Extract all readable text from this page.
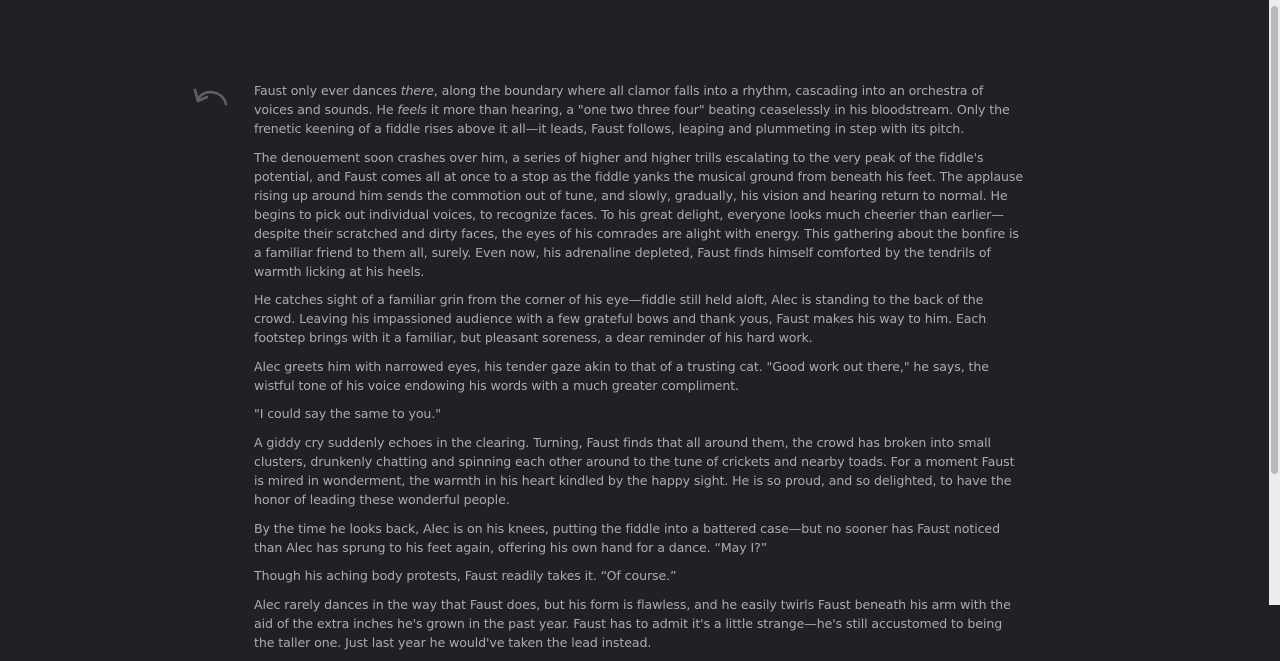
Faust only ever dances there, along the boundary where all clamor falls into a rhythm, cascading into an orchestra of voices and sounds. He feels it more than hearing, a "one two three four" beating ceaselessly in his bloodstream. Only the frenetic keening of a fiddle rises above it all—it leads, Faust follows, leaping and plummeting in step with its pitch.

The denouement soon crashes over him, a series of higher and higher trills escalating to the very peak of the fiddle's potential, and Faust comes all at once to a stop as the fiddle yanks the musical ground from beneath his feet. The applause rising up around him sends the commotion out of tune, and slowly, gradually, his vision and hearing return to normal. He begins to pick out individual voices, to recognize faces. To his great delight, everyone looks much cheerier than earlier—despite their scratched and dirty faces, the eyes of his comrades are alight with energy. This gathering about the bonfire is a familiar friend to them all, surely. Even now, his adrenaline depleted, Faust finds himself comforted by the tendrils of warmth licking at his heels.

He catches sight of a familiar grin from the corner of his eye—fiddle still held aloft, Alec is standing to the back of the crowd. Leaving his impassioned audience with a few grateful bows and thank yous, Faust makes his way to him. Each footstep brings with it a familiar, but pleasant soreness, a dear reminder of his hard work.

Alec greets him with narrowed eyes, his tender gaze akin to that of a trusting cat. "Good work out there," he says, the wistful tone of his voice endowing his words with a much greater compliment.

"I could say the same to you."

A giddy cry suddenly echoes in the clearing. Turning, Faust finds that all around them, the crowd has broken into small clusters, drunkenly chatting and spinning each other around to the tune of crickets and nearby toads. For a moment Faust is mired in wonderment, the warmth in his heart kindled by the happy sight. He is so proud, and so delighted, to have the honor of leading these wonderful people.

By the time he looks back, Alec is on his knees, putting the fiddle into a battered case—but no sooner has Faust noticed than Alec has sprung to his feet again, offering his own hand for a dance. “May I?”

Though his aching body protests, Faust readily takes it. “Of course.”

Alec rarely dances in the way that Faust does, but his form is flawless, and he easily twirls Faust beneath his arm with the aid of the extra inches he's grown in the past year. Faust has to admit it's a little strange—he's still accustomed to being the taller one. Just last year he would've taken the lead instead.
